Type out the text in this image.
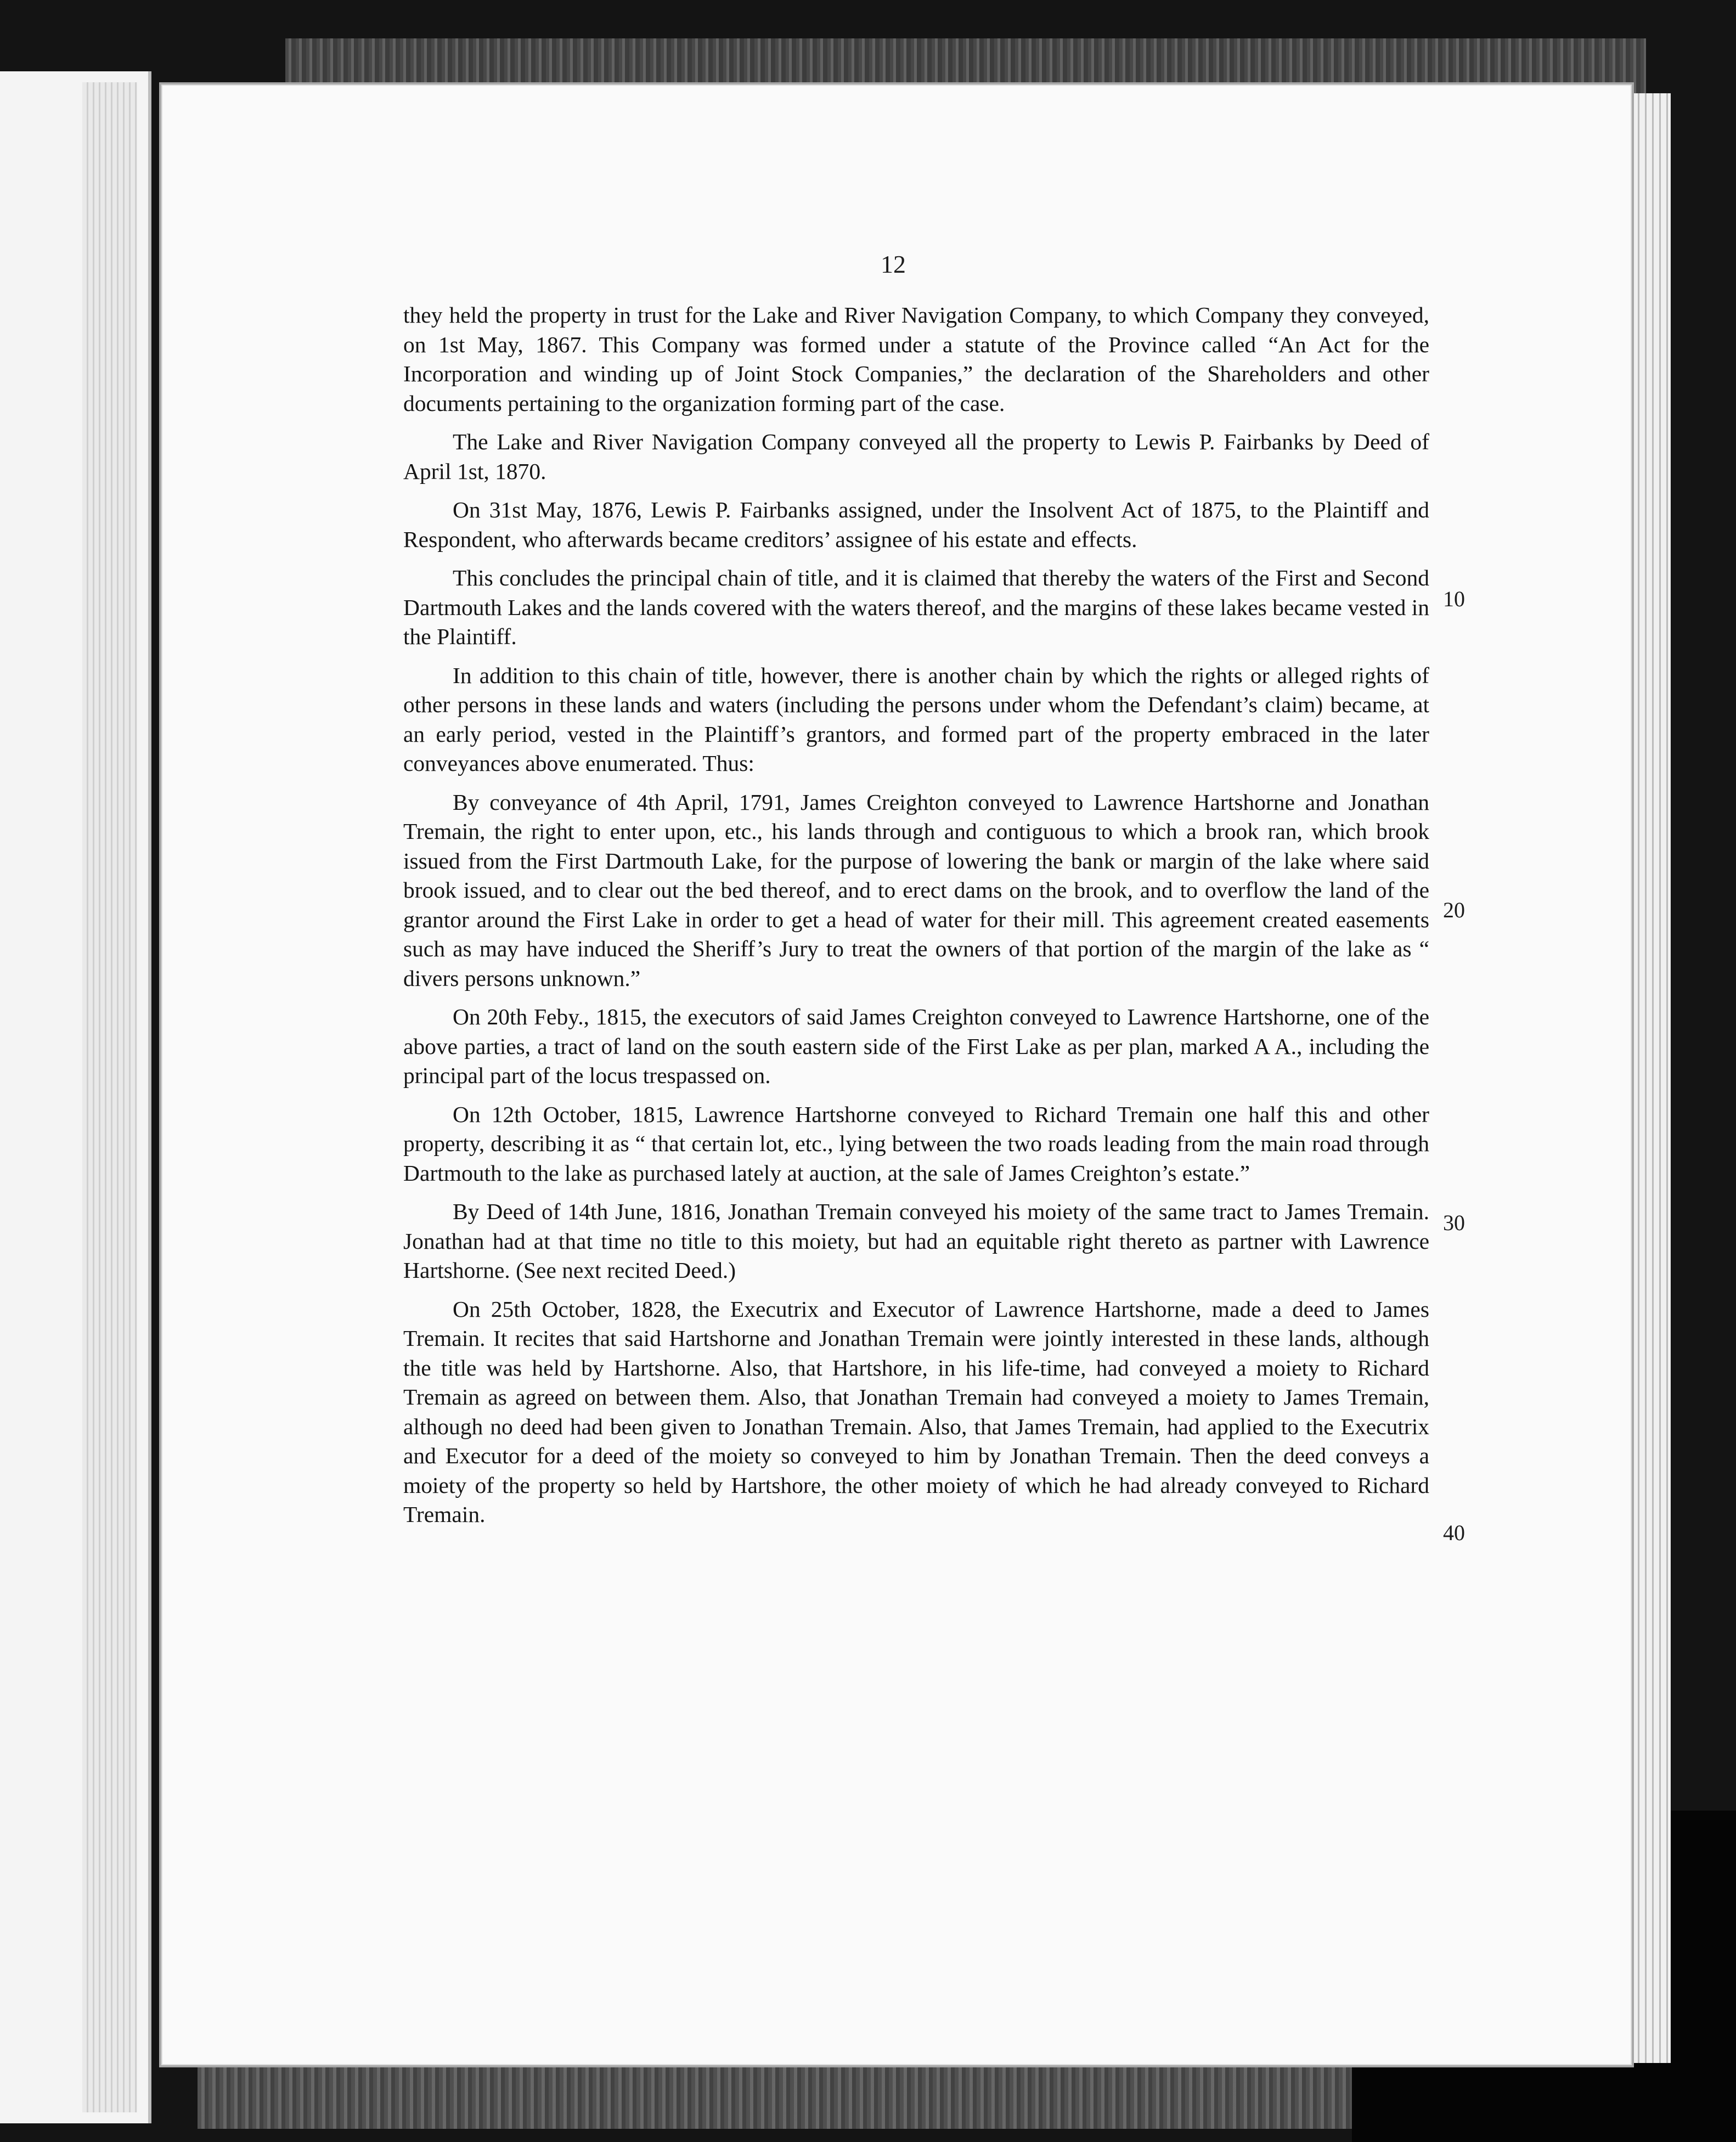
12

they held the property in trust for the Lake and River Navigation Company, to which Company they conveyed, on 1st May, 1867. This Company was formed under a statute of the Province called “An Act for the Incorporation and winding up of Joint Stock Companies,” the declaration of the Shareholders and other documents pertaining to the organization forming part of the case.

The Lake and River Navigation Company conveyed all the property to Lewis P. Fairbanks by Deed of April 1st, 1870.

On 31st May, 1876, Lewis P. Fairbanks assigned, under the Insolvent Act of 1875, to the Plaintiff and Respondent, who afterwards became creditors’ assignee of his estate and effects.

This concludes the principal chain of title, and it is claimed that thereby the waters of the First and Second Dartmouth Lakes and the lands covered with the waters thereof, and the margins of these lakes became vested in the Plaintiff.

In addition to this chain of title, however, there is another chain by which the rights or alleged rights of other persons in these lands and waters (including the persons under whom the Defendant’s claim) became, at an early period, vested in the Plaintiff’s grantors, and formed part of the property embraced in the later conveyances above enumerated. Thus:

By conveyance of 4th April, 1791, James Creighton conveyed to Lawrence Hartshorne and Jonathan Tremain, the right to enter upon, etc., his lands through and contiguous to which a brook ran, which brook issued from the First Dartmouth Lake, for the purpose of lowering the bank or margin of the lake where said brook issued, and to clear out the bed thereof, and to erect dams on the brook, and to overflow the land of the grantor around the First Lake in order to get a head of water for their mill. This agreement created easements such as may have induced the Sheriff’s Jury to treat the owners of that portion of the margin of the lake as “ divers persons unknown.”

On 20th Feby., 1815, the executors of said James Creighton conveyed to Lawrence Hartshorne, one of the above parties, a tract of land on the south eastern side of the First Lake as per plan, marked A A., including the principal part of the locus trespassed on.

On 12th October, 1815, Lawrence Hartshorne conveyed to Richard Tremain one half this and other property, describing it as “ that certain lot, etc., lying between the two roads leading from the main road through Dartmouth to the lake as purchased lately at auction, at the sale of James Creighton’s estate.”

By Deed of 14th June, 1816, Jonathan Tremain conveyed his moiety of the same tract to James Tremain. Jonathan had at that time no title to this moiety, but had an equitable right thereto as partner with Lawrence Hartshorne. (See next recited Deed.)

On 25th October, 1828, the Executrix and Executor of Lawrence Hartshorne, made a deed to James Tremain. It recites that said Hartshorne and Jonathan Tremain were jointly interested in these lands, although the title was held by Hartshorne. Also, that Hartshore, in his life-time, had conveyed a moiety to Richard Tremain as agreed on between them. Also, that Jonathan Tremain had conveyed a moiety to James Tremain, although no deed had been given to Jonathan Tremain. Also, that James Tremain, had applied to the Executrix and Executor for a deed of the moiety so conveyed to him by Jonathan Tremain. Then the deed conveys a moiety of the property so held by Hartshore, the other moiety of which he had already conveyed to Richard Tremain.

10
20
30
40
